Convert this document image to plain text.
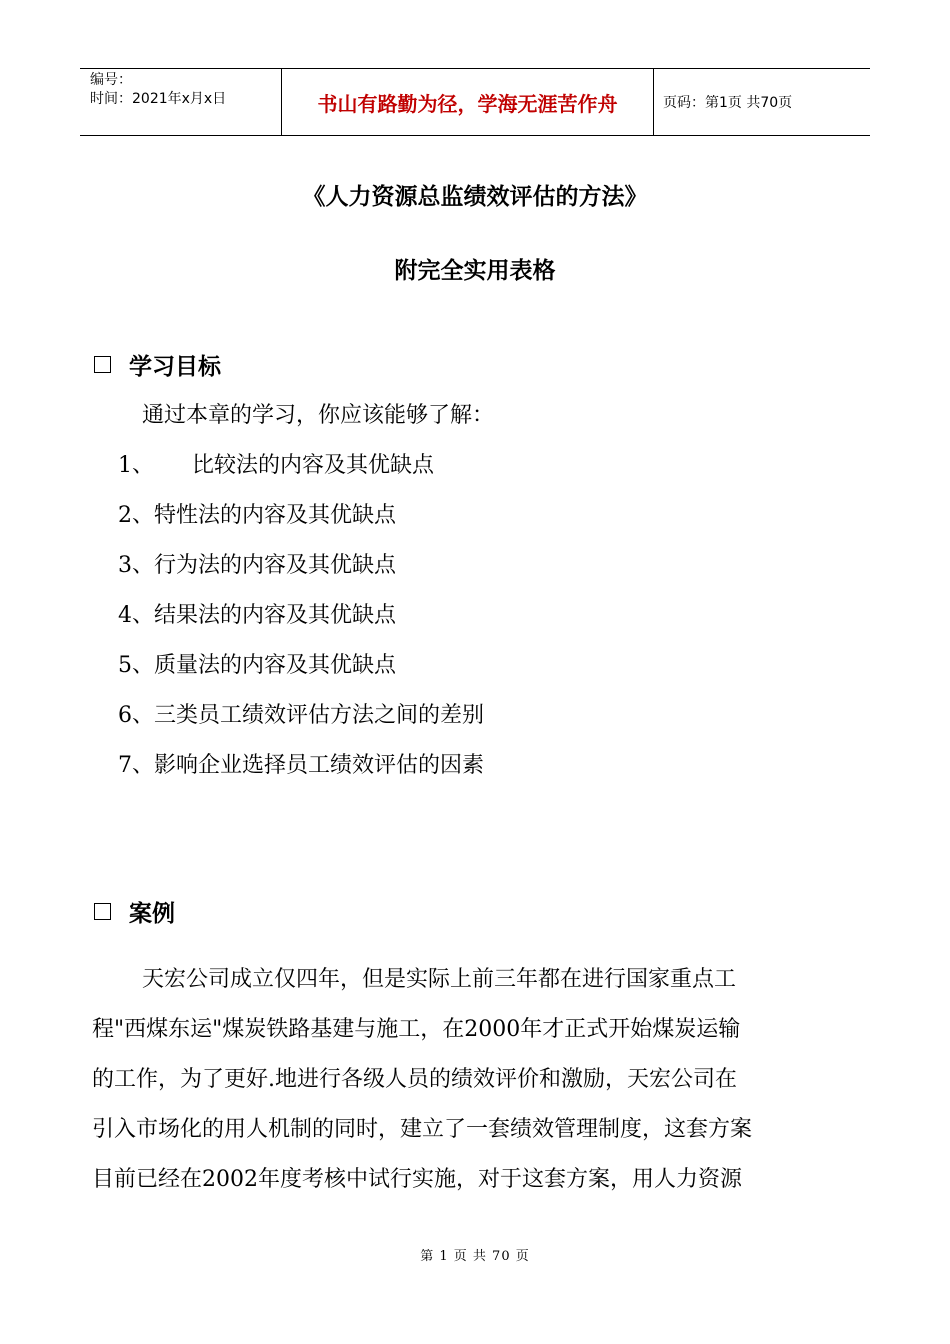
编号：
时间：2021年x月x日	书山有路勤为径，学海无涯苦作舟	页码：第1页 共70页
《人力资源总监绩效评估的方法》
附完全实用表格
学习目标
通过本章的学习，你应该能够了解：
1、 比较法的内容及其优缺点
2、特性法的内容及其优缺点
3、行为法的内容及其优缺点
4、结果法的内容及其优缺点
5、质量法的内容及其优缺点
6、三类员工绩效评估方法之间的差别
7、影响企业选择员工绩效评估的因素
案例
天宏公司成立仅四年，但是实际上前三年都在进行国家重点工
程"西煤东运"煤炭铁路基建与施工，在2000年才正式开始煤炭运输
的工作，为了更好.地进行各级人员的绩效评价和激励，天宏公司在
引入市场化的用人机制的同时，建立了一套绩效管理制度，这套方案
目前已经在2002年度考核中试行实施，对于这套方案，用人力资源
第 1 页 共 70 页
